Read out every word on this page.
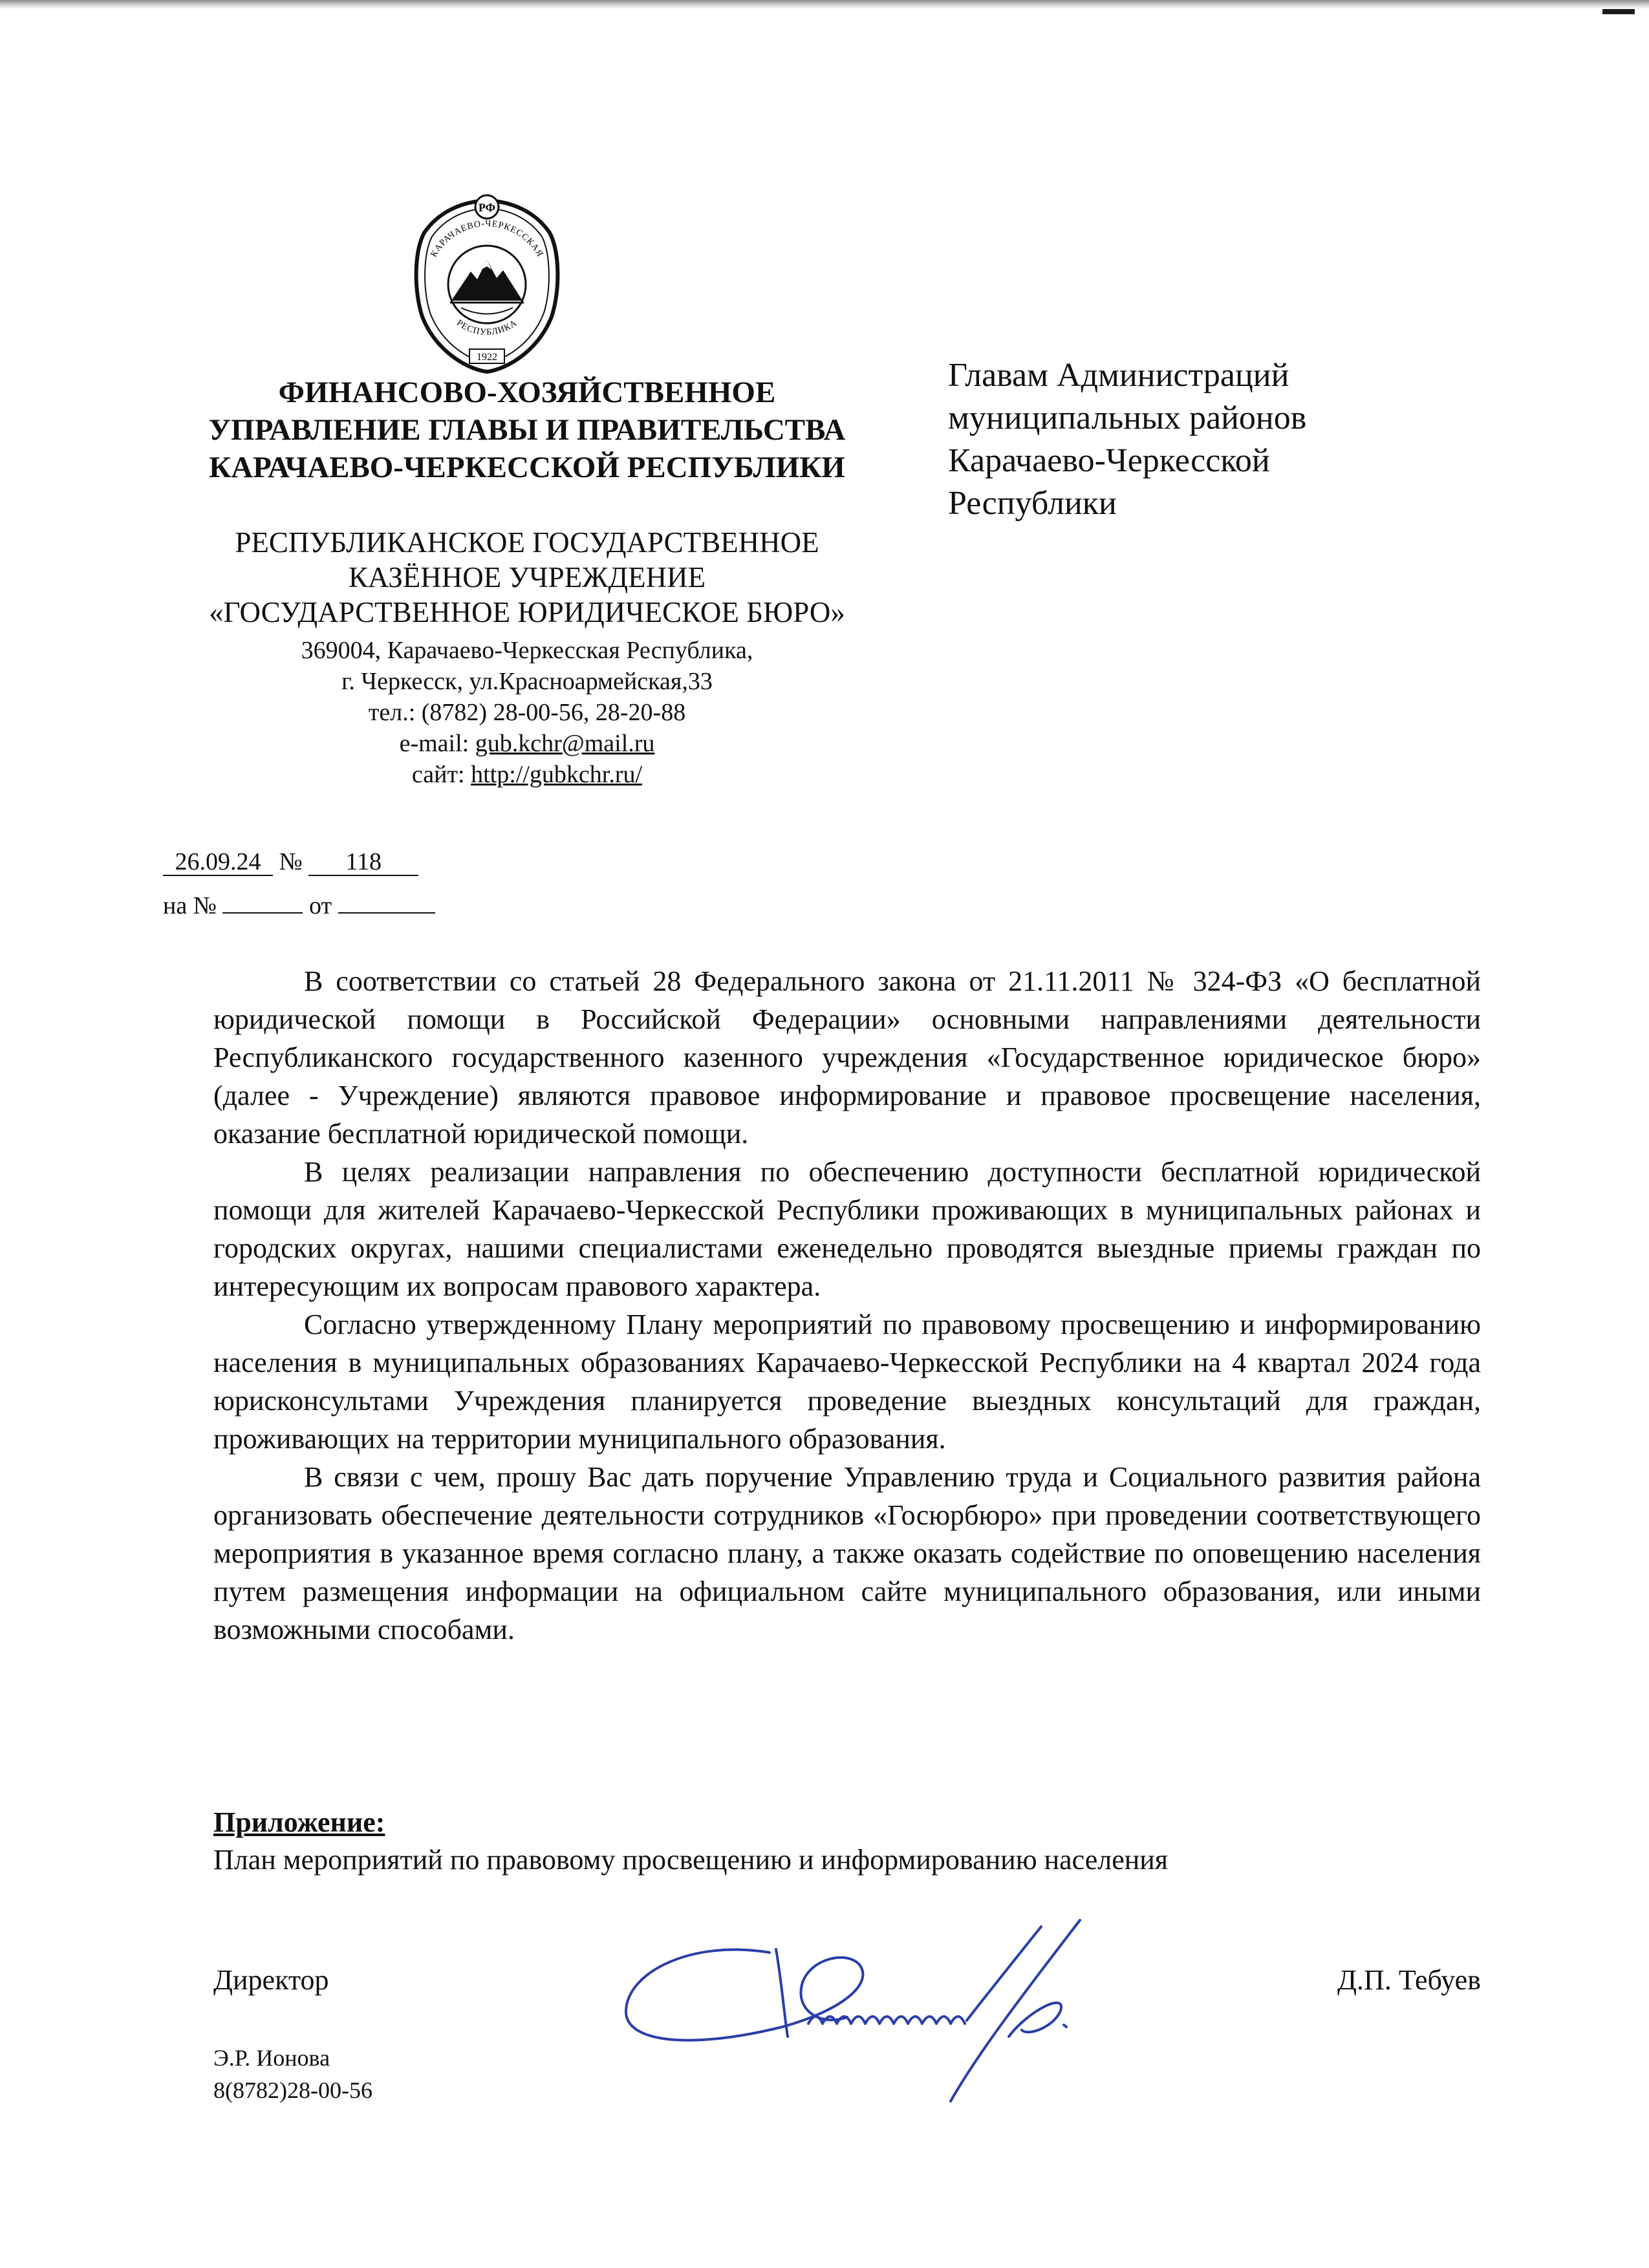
РФ
КАРАЧАЕВО-ЧЕРКЕССКАЯ
РЕСПУБЛИКА
1922
ФИНАНСОВО-ХОЗЯЙСТВЕННОЕ
УПРАВЛЕНИЕ ГЛАВЫ И ПРАВИТЕЛЬСТВА
КАРАЧАЕВО-ЧЕРКЕССКОЙ РЕСПУБЛИКИ
РЕСПУБЛИКАНСКОЕ ГОСУДАРСТВЕННОЕ
КАЗЁННОЕ УЧРЕЖДЕНИЕ
«ГОСУДАРСТВЕННОЕ ЮРИДИЧЕСКОЕ БЮРО»
369004, Карачаево-Черкесская Республика,
г. Черкесск, ул.Красноармейская,33
тел.: (8782) 28-00-56, 28-20-88
e-mail: gub.kchr@mail.ru
сайт: http://gubkchr.ru/
Главам Администраций
муниципальных районов
Карачаево-Черкесской
Республики
26.09.24 № 118
на №	от

В соответствии со статьей 28 Федерального закона от 21.11.2011 № 324-ФЗ «О бесплатной юридической помощи в Российской Федерации» основными направлениями деятельности Республиканского государственного казенного учреждения «Государственное юридическое бюро» (далее - Учреждение) являются правовое информирование и правовое просвещение населения, оказание бесплатной юридической помощи.

В целях реализации направления по обеспечению доступности бесплатной юридической помощи для жителей Карачаево-Черкесской Республики проживающих в муниципальных районах и городских округах, нашими специалистами еженедельно проводятся выездные приемы граждан по интересующим их вопросам правового характера.

Согласно утвержденному Плану мероприятий по правовому просвещению и информированию населения в муниципальных образованиях Карачаево-Черкесской Республики на 4 квартал 2024 года юрисконсультами Учреждения планируется проведение выездных консультаций для граждан, проживающих на территории муниципального образования.

В связи с чем, прошу Вас дать поручение Управлению труда и Социального развития района организовать обеспечение деятельности сотрудников «Госюрбюро» при проведении соответствующего мероприятия в указанное время согласно плану, а также оказать содействие по оповещению населения путем размещения информации на официальном сайте муниципального образования, или иными возможными способами.

Приложение:
План мероприятий по правовому просвещению и информированию населения
Директор	Д.П. Тебуев
Э.Р. Ионова
8(8782)28-00-56
